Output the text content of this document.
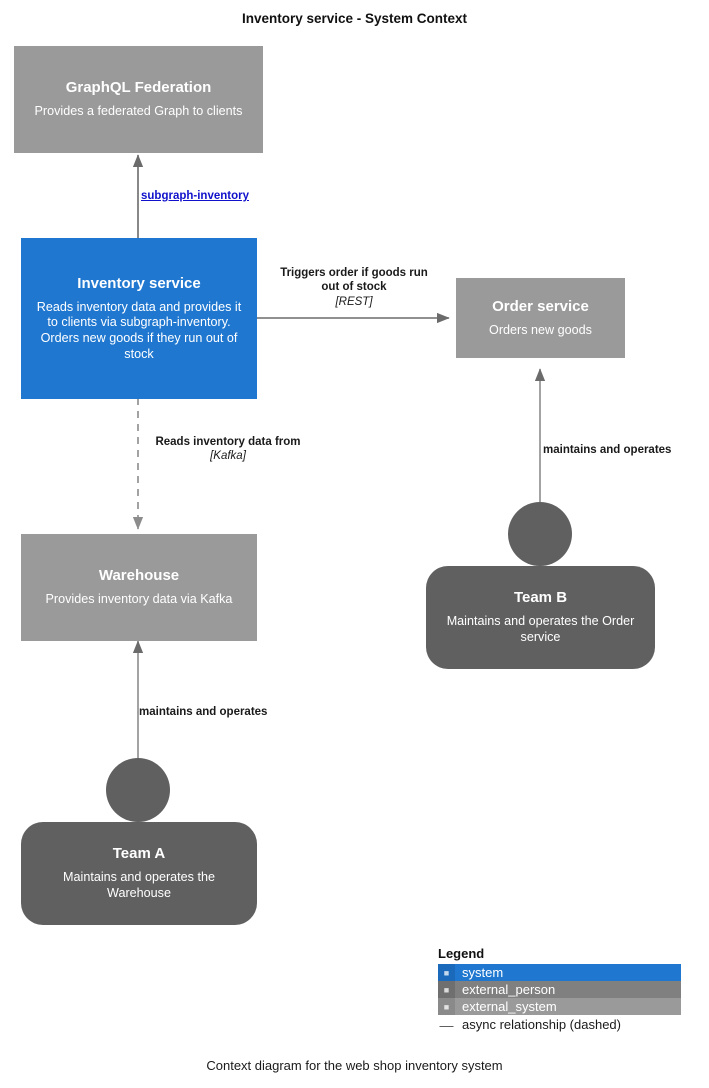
Inventory service - System Context
GraphQL Federation
Provides a federated Graph to clients
subgraph-inventory
Inventory service
Reads inventory data and provides it to clients via subgraph-inventory. Orders new goods if they run out of stock
Triggers order if goods run out of stock
[REST]	Order service
Orders new goods
Reads inventory data from
[Kafka]
Warehouse
Provides inventory data via Kafka
maintains and operates
Team B
Maintains and operates the Order service
maintains and operates
Team A
Maintains and operates the Warehouse
Legend
■ system
■ external_person
■ external_system
— async relationship (dashed)
Context diagram for the web shop inventory system
